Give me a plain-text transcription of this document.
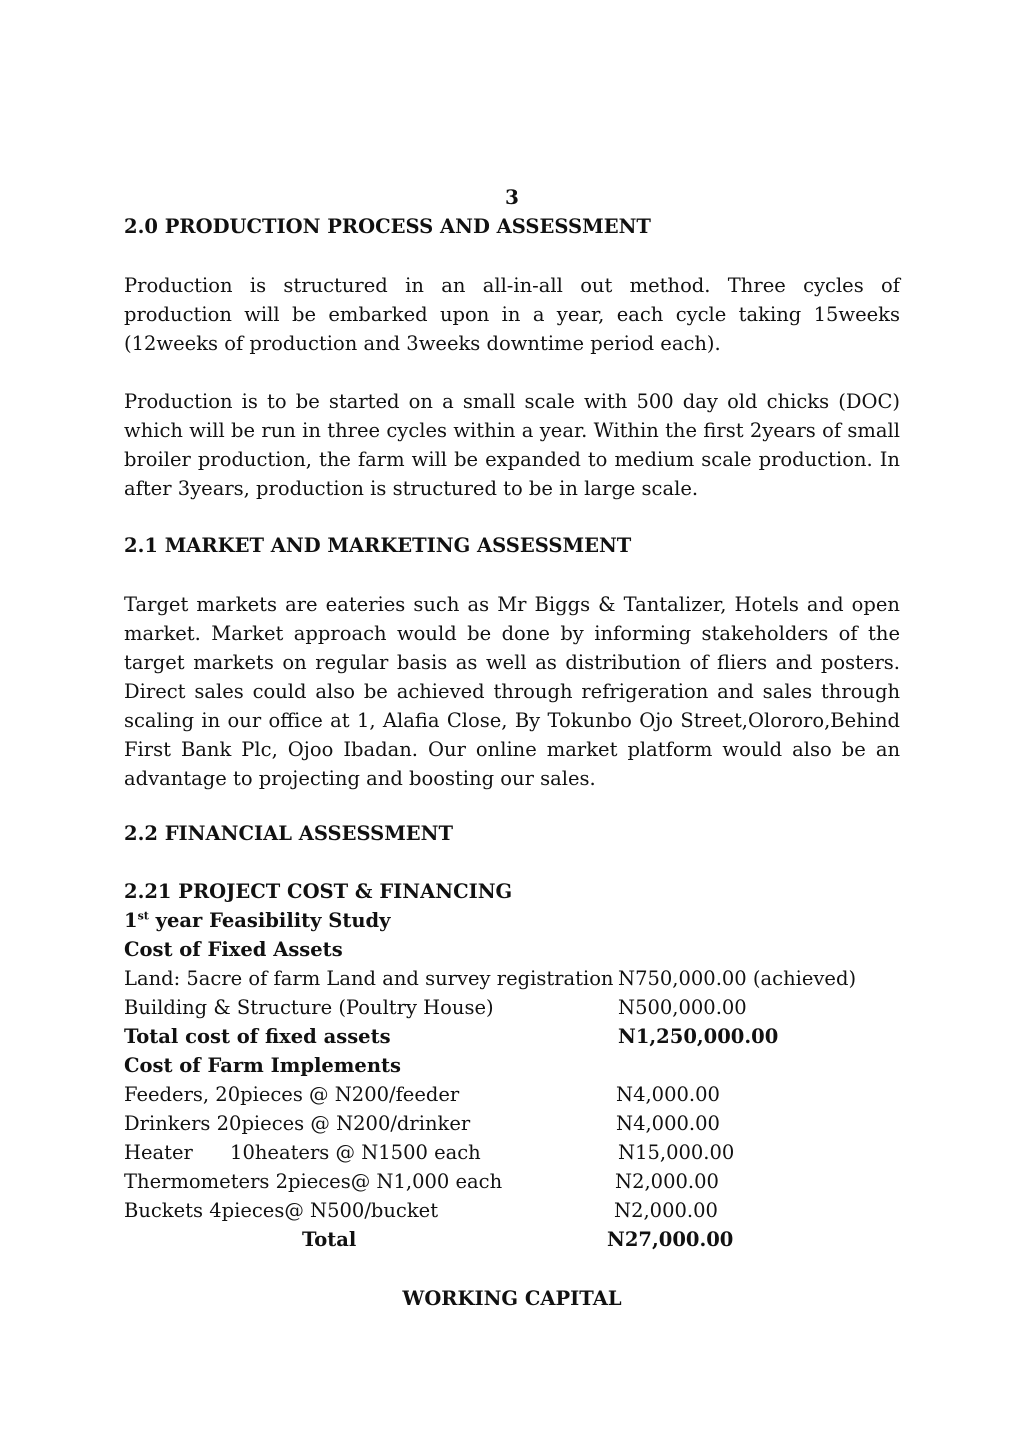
3
2.0 PRODUCTION PROCESS AND ASSESSMENT
Production is structured in an all-in-all out method. Three cycles of production will be embarked upon in a year, each cycle taking 15weeks (12weeks of production and 3weeks downtime period each).
Production is to be started on a small scale with 500 day old chicks (DOC) which will be run in three cycles within a year. Within the first 2years of small broiler production, the farm will be expanded to medium scale production. In after 3years, production is structured to be in large scale.
2.1 MARKET AND MARKETING ASSESSMENT
Target markets are eateries such as Mr Biggs & Tantalizer, Hotels and open market. Market approach would be done by informing stakeholders of the target markets on regular basis as well as distribution of fliers and posters. Direct sales could also be achieved through refrigeration and sales through scaling in our office at 1, Alafia Close, By Tokunbo Ojo Street,Olororo,Behind First Bank Plc, Ojoo Ibadan. Our online market platform would also be an advantage to projecting and boosting our sales.
2.2 FINANCIAL ASSESSMENT
2.21 PROJECT COST & FINANCING
1st year Feasibility Study
Cost of Fixed Assets
Land: 5acre of farm Land and survey registration N750,000.00 (achieved)
Building & Structure (Poultry House)	N500,000.00
Total cost of fixed assets	N1,250,000.00
Cost of Farm Implements
Feeders, 20pieces @ N200/feeder	N4,000.00
Drinkers 20pieces @ N200/drinker	N4,000.00
Heater      10heaters @ N1500 each	N15,000.00
Thermometers 2pieces@ N1,000 each	N2,000.00
Buckets 4pieces@ N500/bucket	N2,000.00
Total	N27,000.00
WORKING CAPITAL
